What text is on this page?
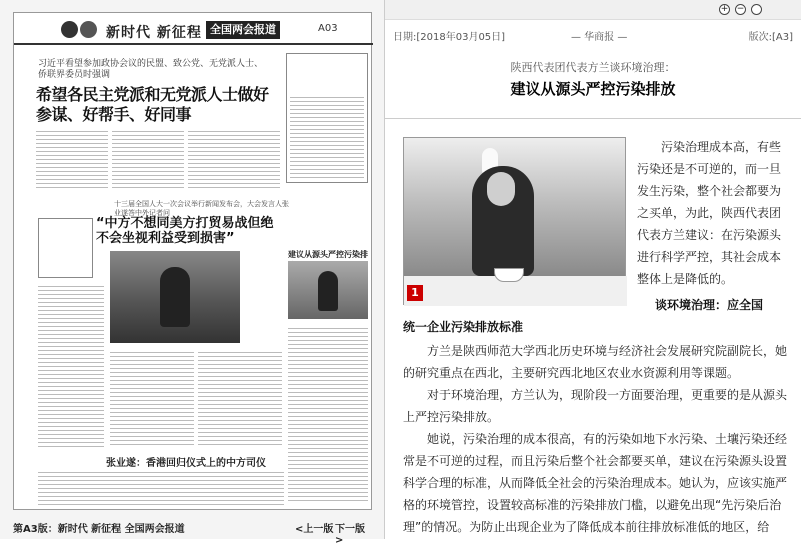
新时代 新征程 全国两会报道	A03
习近平看望参加政协会议的民盟、致公党、无党派人士、侨联界委员时强调
希望各民主党派和无党派人士做好参谋、好帮手、好同事
十三届全国人大一次会议举行新闻发布会，大会发言人张业遂答中外记者问
“中方不想同美方打贸易战但绝不会坐视利益受到损害”
建议从源头严控污染排
张业遂：香港回归仪式上的中方司仪
第A3版：新时代 新征程 全国两会报道	<上一版 下一版>
+ −
日期:[2018年03月05日]	— 华商报 —	版次:[A3]
陕西代表团代表方兰谈环境治理：
建议从源头严控污染排放
1
污染治理成本高，有些污染还是不可逆的，而一旦发生污染，整个社会都要为之买单，为此，陕西代表团代表方兰建议：在污染源头进行科学严控，其社会成本整体上是降低的。
谈环境治理：应全国
统一企业污染排放标准

方兰是陕西师范大学西北历史环境与经济社会发展研究院副院长，她的研究重点在西北，主要研究西北地区农业水资源利用等课题。

对于环境治理，方兰认为，现阶段一方面要治理，更重要的是从源头上严控污染排放。

她说，污染治理的成本很高，有的污染如地下水污染、土壤污染还经常是不可逆的过程，而且污染后整个社会都要买单，建议在污染源头设置科学合理的标准，从而降低全社会的污染治理成本。她认为，应该实施严格的环境管控，设置较高标准的污染排放门槛，以避免出现“先污染后治理”的情况。为防止出现企业为了降低成本前往排放标准低的地区，给
